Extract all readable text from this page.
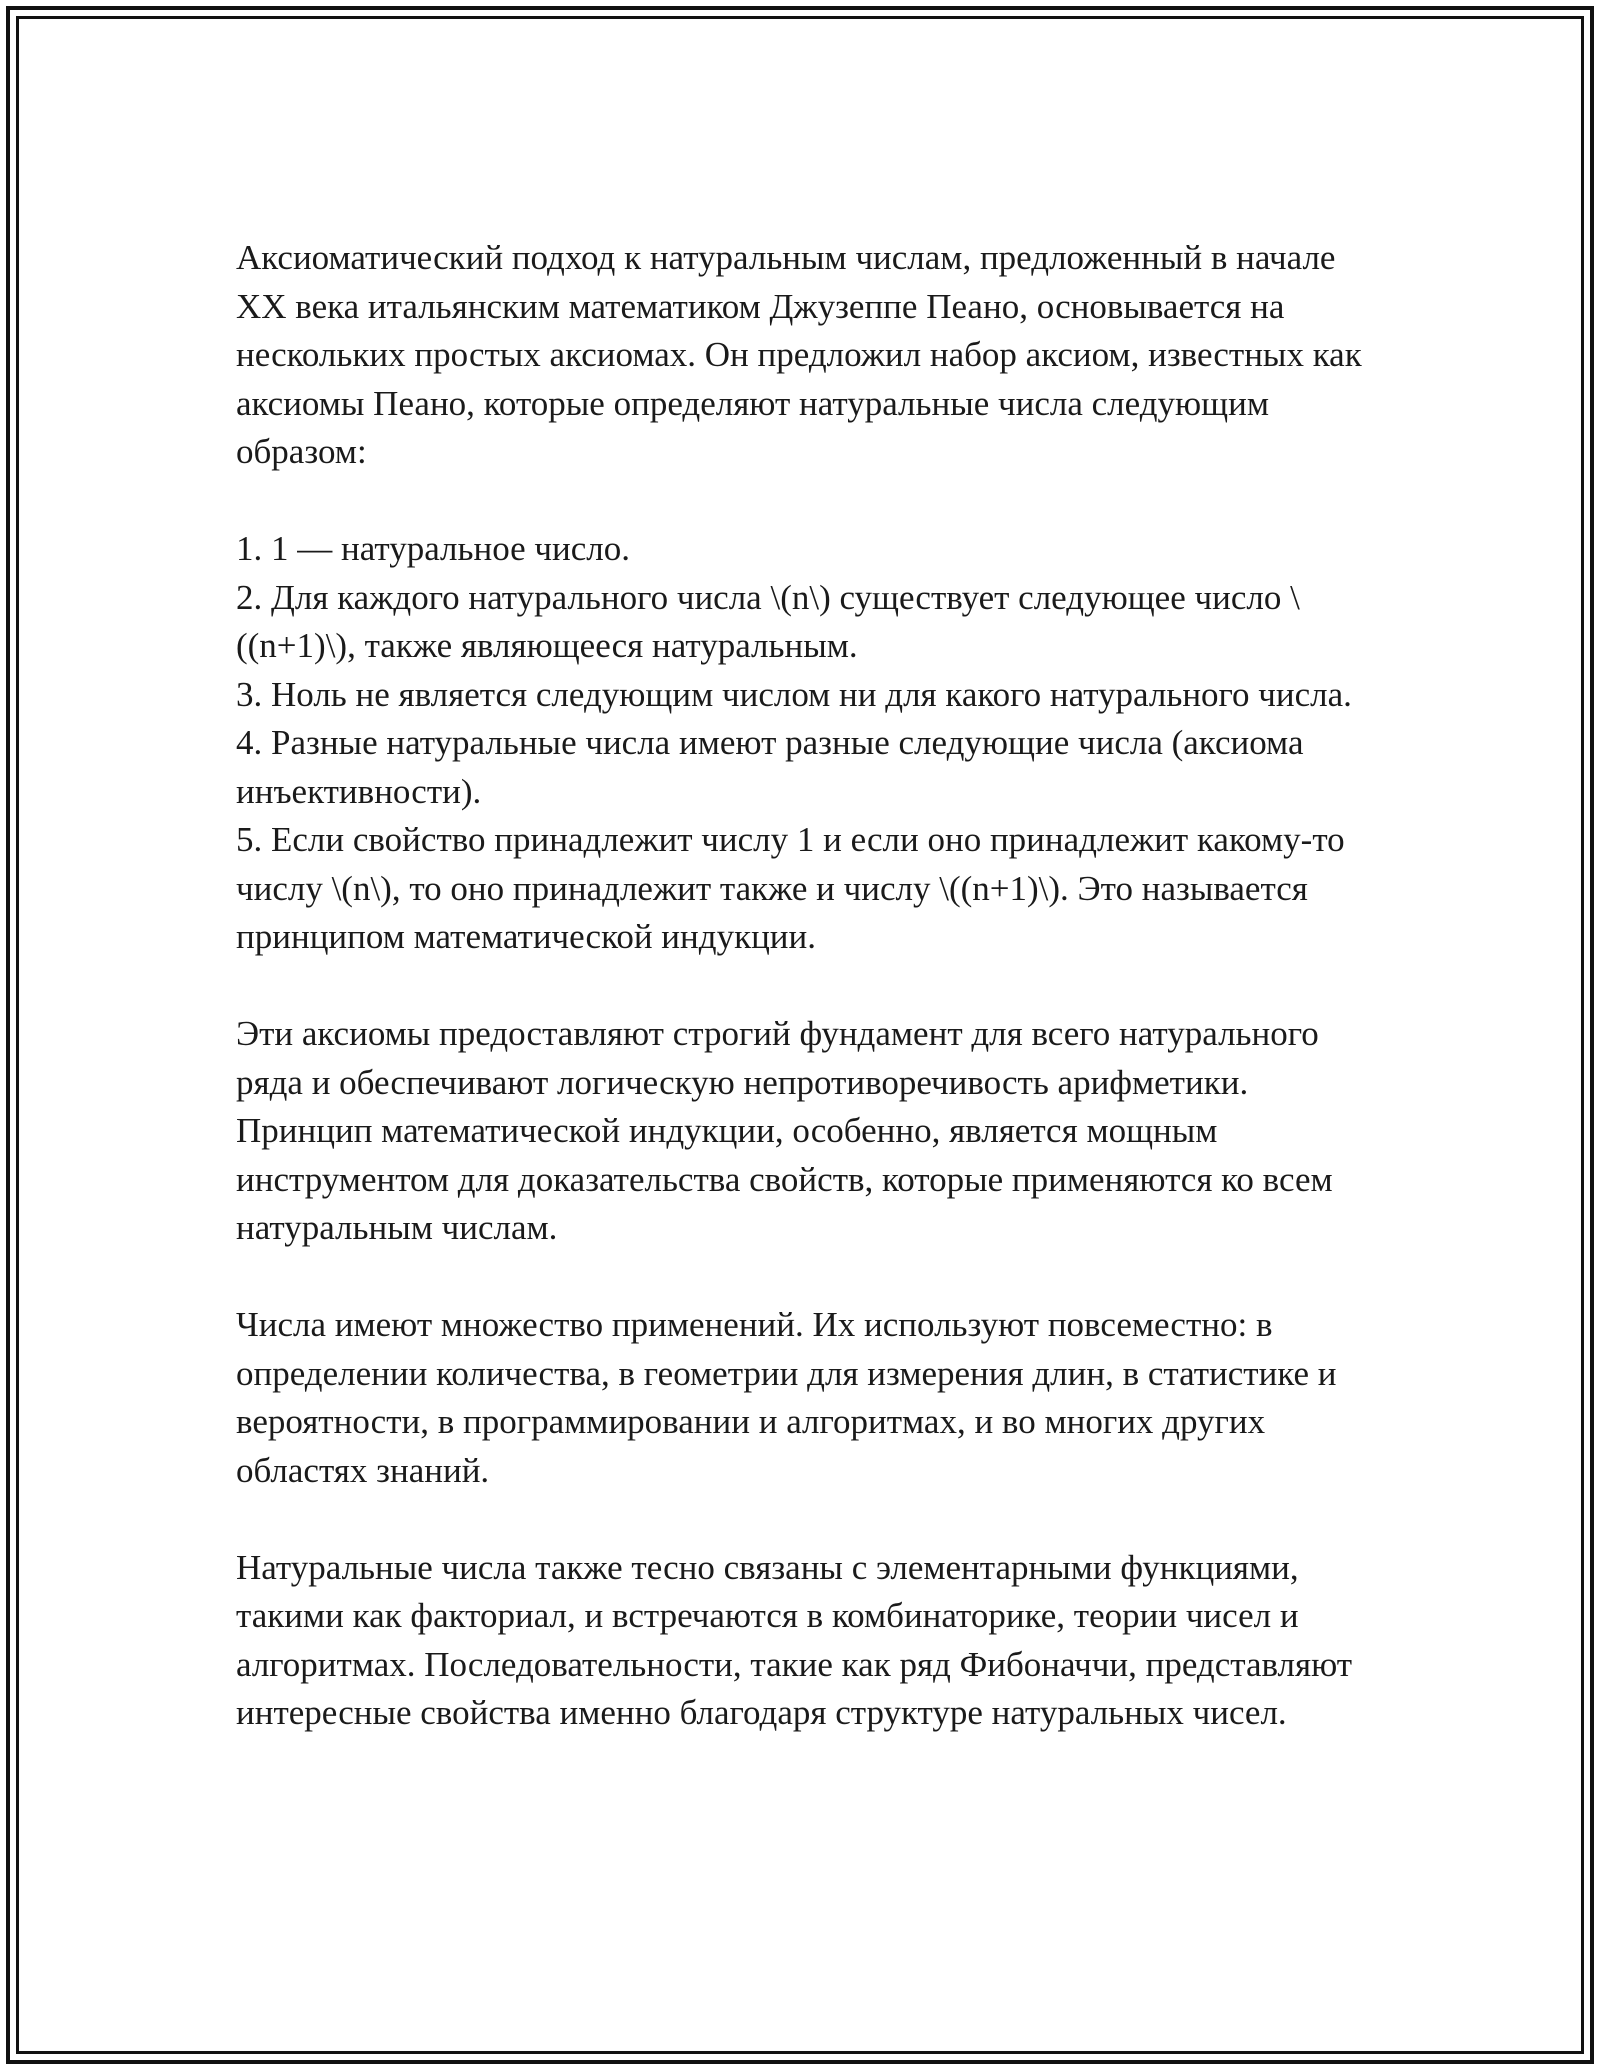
Аксиоматический подход к натуральным числам, предложенный в начале XX века итальянским математиком Джузеппе Пеано, основывается на нескольких простых аксиомах. Он предложил набор аксиом, известных как аксиомы Пеано, которые определяют натуральные числа следующим образом:

1. 1 — натуральное число.

2. Для каждого натурального числа \(n\) существует следующее число \((n+1)\), также являющееся натуральным.

3. Ноль не является следующим числом ни для какого натурального числа.

4. Разные натуральные числа имеют разные следующие числа (аксиома инъективности).

5. Если свойство принадлежит числу 1 и если оно принадлежит какому-то числу \(n\), то оно принадлежит также и числу \((n+1)\). Это называется принципом математической индукции.

Эти аксиомы предоставляют строгий фундамент для всего натурального ряда и обеспечивают логическую непротиворечивость арифметики. Принцип математической индукции, особенно, является мощным инструментом для доказательства свойств, которые применяются ко всем натуральным числам.

Числа имеют множество применений. Их используют повсеместно: в определении количества, в геометрии для измерения длин, в статистике и вероятности, в программировании и алгоритмах, и во многих других областях знаний.

Натуральные числа также тесно связаны с элементарными функциями, такими как факториал, и встречаются в комбинаторике, теории чисел и алгоритмах. Последовательности, такие как ряд Фибоначчи, представляют интересные свойства именно благодаря структуре натуральных чисел.
